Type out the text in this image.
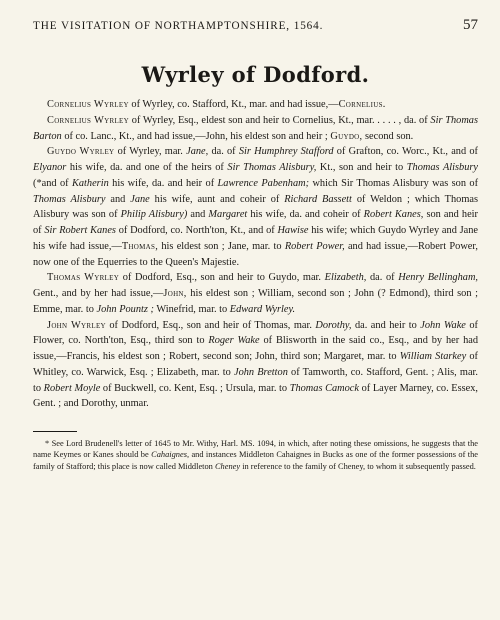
THE VISITATION OF NORTHAMPTONSHIRE, 1564.	57
Wyrley of Dodford.

Cornelius Wyrley of Wyrley, co. Stafford, Kt., mar. and had issue,—Cornelius.

Cornelius Wyrley of Wyrley, Esq., eldest son and heir to Cornelius, Kt., mar. . . . . , da. of Sir Thomas Barton of co. Lanc., Kt., and had issue,—John, his eldest son and heir ; Guydo, second son.

Guydo Wyrley of Wyrley, mar. Jane, da. of Sir Humphrey Stafford of Grafton, co. Worc., Kt., and of Elyanor his wife, da. and one of the heirs of Sir Thomas Alisbury, Kt., son and heir to Thomas Alisbury (*and of Katherin his wife, da. and heir of Lawrence Pabenham; which Sir Thomas Alisbury was son of Thomas Alisbury and Jane his wife, aunt and coheir of Richard Bassett of Weldon ; which Thomas Alisbury was son of Philip Alisbury) and Margaret his wife, da. and coheir of Robert Kanes, son and heir of Sir Robert Kanes of Dodford, co. North'ton, Kt., and of Hawise his wife; which Guydo Wyrley and Jane his wife had issue,—Thomas, his eldest son ; Jane, mar. to Robert Power, and had issue,—Robert Power, now one of the Equerries to the Queen's Majestie.

Thomas Wyrley of Dodford, Esq., son and heir to Guydo, mar. Elizabeth, da. of Henry Bellingham, Gent., and by her had issue,—John, his eldest son ; William, second son ; John (? Edmond), third son ; Emme, mar. to John Pountz ; Winefrid, mar. to Edward Wyrley.

John Wyrley of Dodford, Esq., son and heir of Thomas, mar. Dorothy, da. and heir to John Wake of Flower, co. North'ton, Esq., third son to Roger Wake of Blisworth in the said co., Esq., and by her had issue,—Francis, his eldest son ; Robert, second son; John, third son; Margaret, mar. to William Starkey of Whitley, co. Warwick, Esq. ; Elizabeth, mar. to John Bretton of Tamworth, co. Stafford, Gent. ; Alis, mar. to Robert Moyle of Buckwell, co. Kent, Esq. ; Ursula, mar. to Thomas Camock of Layer Marney, co. Essex, Gent. ; and Dorothy, unmar.

* See Lord Brudenell's letter of 1645 to Mr. Withy, Harl. MS. 1094, in which, after noting these omissions, he suggests that the name Keymes or Kanes should be Cahaignes, and instances Middleton Cahaignes in Bucks as one of the former possessions of the family of Stafford; this place is now called Middleton Cheney in reference to the family of Cheney, to whom it subsequently passed.
